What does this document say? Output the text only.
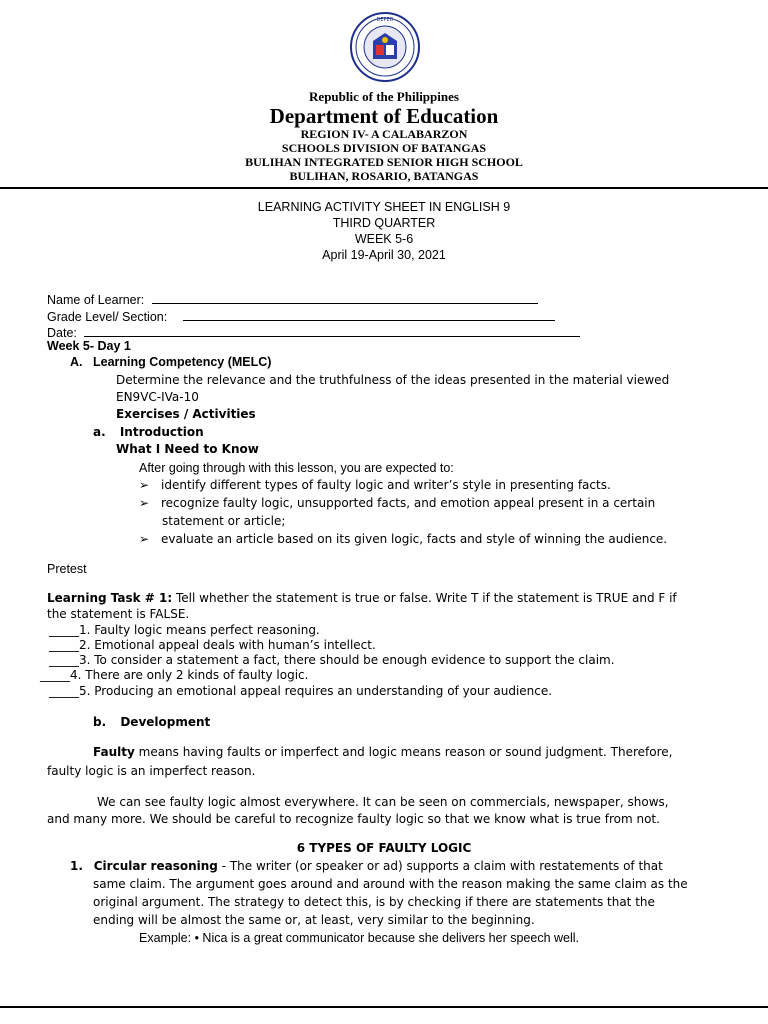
DEPED
Republic of the Philippines
Department of Education
REGION IV- A CALABARZON
SCHOOLS DIVISION OF BATANGAS
BULIHAN INTEGRATED SENIOR HIGH SCHOOL
BULIHAN, ROSARIO, BATANGAS
LEARNING ACTIVITY SHEET IN ENGLISH 9
THIRD QUARTER
WEEK 5-6
April 19-April 30, 2021
Name of Learner:
Grade Level/ Section:
Date:
Week 5- Day 1
A. Learning Competency (MELC)
Determine the relevance and the truthfulness of the ideas presented in the material viewed
EN9VC-IVa-10
Exercises / Activities
a. Introduction
What I Need to Know
After going through with this lesson, you are expected to:
➢ identify different types of faulty logic and writer’s style in presenting facts.
➢ recognize faulty logic, unsupported facts, and emotion appeal present in a certain
statement or article;
➢ evaluate an article based on its given logic, facts and style of winning the audience.
Pretest
Learning Task # 1: Tell whether the statement is true or false. Write T if the statement is TRUE and F if
the statement is FALSE.
_____1. Faulty logic means perfect reasoning.
_____2. Emotional appeal deals with human’s intellect.
_____3. To consider a statement a fact, there should be enough evidence to support the claim.
_____4. There are only 2 kinds of faulty logic.
_____5. Producing an emotional appeal requires an understanding of your audience.
b. Development
Faulty means having faults or imperfect and logic means reason or sound judgment. Therefore,
faulty logic is an imperfect reason.
We can see faulty logic almost everywhere. It can be seen on commercials, newspaper, shows,
and many more. We should be careful to recognize faulty logic so that we know what is true from not.
6 TYPES OF FAULTY LOGIC
1. Circular reasoning - The writer (or speaker or ad) supports a claim with restatements of that
same claim. The argument goes around and around with the reason making the same claim as the
original argument. The strategy to detect this, is by checking if there are statements that the
ending will be almost the same or, at least, very similar to the beginning.
Example: • Nica is a great communicator because she delivers her speech well.
